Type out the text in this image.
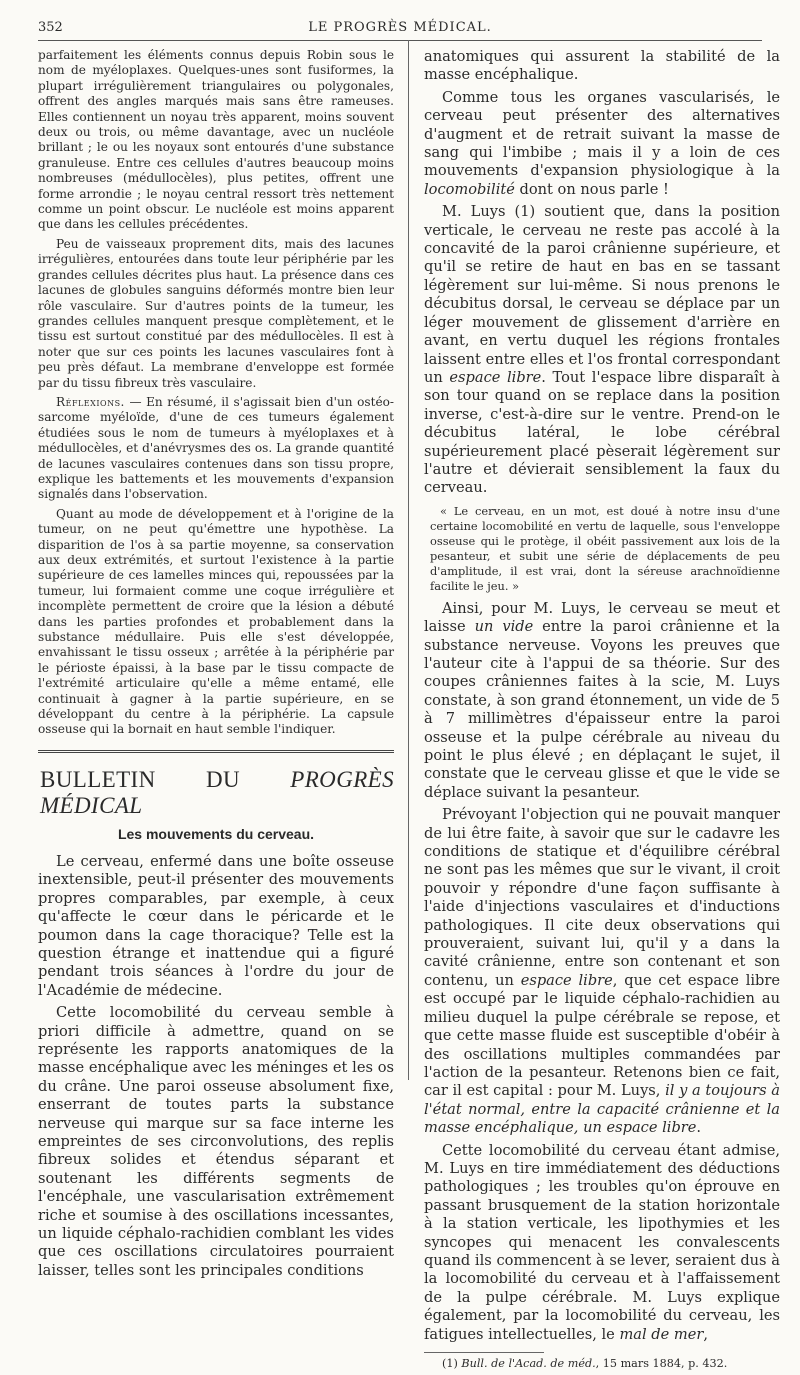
352	LE PROGRÈS MÉDICAL.

parfaitement les éléments connus depuis Robin sous le nom de myéloplaxes. Quelques-unes sont fusiformes, la plupart irrégulièrement triangulaires ou polygonales, offrent des angles marqués mais sans être rameuses. Elles contiennent un noyau très apparent, moins souvent deux ou trois, ou même davantage, avec un nucléole brillant ; le ou les noyaux sont entourés d'une substance granuleuse. Entre ces cellules d'autres beaucoup moins nombreuses (médullocèles), plus petites, offrent une forme arrondie ; le noyau central ressort très nettement comme un point obscur. Le nucléole est moins apparent que dans les cellules précédentes.

Peu de vaisseaux proprement dits, mais des lacunes irrégulières, entourées dans toute leur périphérie par les grandes cellules décrites plus haut. La présence dans ces lacunes de globules sanguins déformés montre bien leur rôle vasculaire. Sur d'autres points de la tumeur, les grandes cellules manquent presque complètement, et le tissu est surtout constitué par des médullocèles. Il est à noter que sur ces points les lacunes vasculaires font à peu près défaut. La membrane d'enveloppe est formée par du tissu fibreux très vasculaire.

Réflexions. — En résumé, il s'agissait bien d'un ostéo-sarcome myéloïde, d'une de ces tumeurs également étudiées sous le nom de tumeurs à myéloplaxes et à médullocèles, et d'anévrysmes des os. La grande quantité de lacunes vasculaires contenues dans son tissu propre, explique les battements et les mouvements d'expansion signalés dans l'observation.

Quant au mode de développement et à l'origine de la tumeur, on ne peut qu'émettre une hypothèse. La disparition de l'os à sa partie moyenne, sa conservation aux deux extrémités, et surtout l'existence à la partie supérieure de ces lamelles minces qui, repoussées par la tumeur, lui formaient comme une coque irrégulière et incomplète permettent de croire que la lésion a débuté dans les parties profondes et probablement dans la substance médullaire. Puis elle s'est développée, envahissant le tissu osseux ; arrêtée à la périphérie par le périoste épaissi, à la base par le tissu compacte de l'extrémité articulaire qu'elle a même entamé, elle continuait à gagner à la partie supérieure, en se développant du centre à la périphérie. La capsule osseuse qui la bornait en haut semble l'indiquer.

BULLETIN DU PROGRÈS MÉDICAL
Les mouvements du cerveau.

Le cerveau, enfermé dans une boîte osseuse inextensible, peut-il présenter des mouvements propres comparables, par exemple, à ceux qu'affecte le cœur dans le péricarde et le poumon dans la cage thoracique? Telle est la question étrange et inattendue qui a figuré pendant trois séances à l'ordre du jour de l'Académie de médecine.

Cette locomobilité du cerveau semble à priori difficile à admettre, quand on se représente les rapports anatomiques de la masse encéphalique avec les méninges et les os du crâne. Une paroi osseuse absolument fixe, enserrant de toutes parts la substance nerveuse qui marque sur sa face interne les empreintes de ses circonvolutions, des replis fibreux solides et étendus séparant et soutenant les différents segments de l'encéphale, une vascularisation extrêmement riche et soumise à des oscillations incessantes, un liquide céphalo-rachidien comblant les vides que ces oscillations circulatoires pourraient laisser, telles sont les principales conditions

anatomiques qui assurent la stabilité de la masse encéphalique.

Comme tous les organes vascularisés, le cerveau peut présenter des alternatives d'augment et de retrait suivant la masse de sang qui l'imbibe ; mais il y a loin de ces mouvements d'expansion physiologique à la locomobilité dont on nous parle !

M. Luys (1) soutient que, dans la position verticale, le cerveau ne reste pas accolé à la concavité de la paroi crânienne supérieure, et qu'il se retire de haut en bas en se tassant légèrement sur lui-même. Si nous prenons le décubitus dorsal, le cerveau se déplace par un léger mouvement de glissement d'arrière en avant, en vertu duquel les régions frontales laissent entre elles et l'os frontal correspondant un espace libre. Tout l'espace libre disparaît à son tour quand on se replace dans la position inverse, c'est-à-dire sur le ventre. Prend-on le décubitus latéral, le lobe cérébral supérieurement placé pèserait légèrement sur l'autre et dévierait sensiblement la faux du cerveau.

« Le cerveau, en un mot, est doué à notre insu d'une certaine locomobilité en vertu de laquelle, sous l'enveloppe osseuse qui le protège, il obéit passivement aux lois de la pesanteur, et subit une série de déplacements de peu d'amplitude, il est vrai, dont la séreuse arachnoïdienne facilite le jeu. »

Ainsi, pour M. Luys, le cerveau se meut et laisse un vide entre la paroi crânienne et la substance nerveuse. Voyons les preuves que l'auteur cite à l'appui de sa théorie. Sur des coupes crâniennes faites à la scie, M. Luys constate, à son grand étonnement, un vide de 5 à 7 millimètres d'épaisseur entre la paroi osseuse et la pulpe cérébrale au niveau du point le plus élevé ; en déplaçant le sujet, il constate que le cerveau glisse et que le vide se déplace suivant la pesanteur.

Prévoyant l'objection qui ne pouvait manquer de lui être faite, à savoir que sur le cadavre les conditions de statique et d'équilibre cérébral ne sont pas les mêmes que sur le vivant, il croit pouvoir y répondre d'une façon suffisante à l'aide d'injections vasculaires et d'inductions pathologiques. Il cite deux observations qui prouveraient, suivant lui, qu'il y a dans la cavité crânienne, entre son contenant et son contenu, un espace libre, que cet espace libre est occupé par le liquide céphalo-rachidien au milieu duquel la pulpe cérébrale se repose, et que cette masse fluide est susceptible d'obéir à des oscillations multiples commandées par l'action de la pesanteur. Retenons bien ce fait, car il est capital : pour M. Luys, il y a toujours à l'état normal, entre la capacité crânienne et la masse encéphalique, un espace libre.

Cette locomobilité du cerveau étant admise, M. Luys en tire immédiatement des déductions pathologiques ; les troubles qu'on éprouve en passant brusquement de la station horizontale à la station verticale, les lipothymies et les syncopes qui menacent les convalescents quand ils commencent à se lever, seraient dus à la locomobilité du cerveau et à l'affaissement de la pulpe cérébrale. M. Luys explique également, par la locomobilité du cerveau, les fatigues intellectuelles, le mal de mer,

(1) Bull. de l'Acad. de méd., 15 mars 1884, p. 432.
